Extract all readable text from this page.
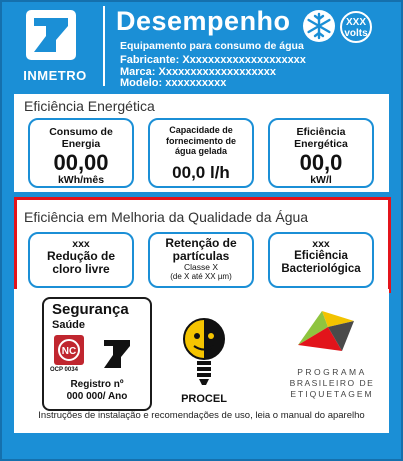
INMETRO
Desempenho
Equipamento para consumo de água
Fabricante: Xxxxxxxxxxxxxxxxxxxx
Marca: Xxxxxxxxxxxxxxxxxxx
Modelo: xxxxxxxxxx
XXX
volts
Eficiência Energética
Consumo de Energia
00,00
kWh/mês
Capacidade de fornecimento de água gelada
00,0 l/h
Eficiência Energética
00,0
kW/l
Eficiência em Melhoria da Qualidade da Água
xxx
Redução de cloro livre
Retenção de partículas
Classe X
(de X até XX µm)
xxx
Eficiência Bacteriológica
Segurança
Saúde
NC
OCP 0034
Registro nº
000 000/ Ano	PROCEL
PROGRAMA
BRASILEIRO DE
ETIQUETAGEM
Instruções de instalação e recomendações de uso, leia o manual do aparelho
